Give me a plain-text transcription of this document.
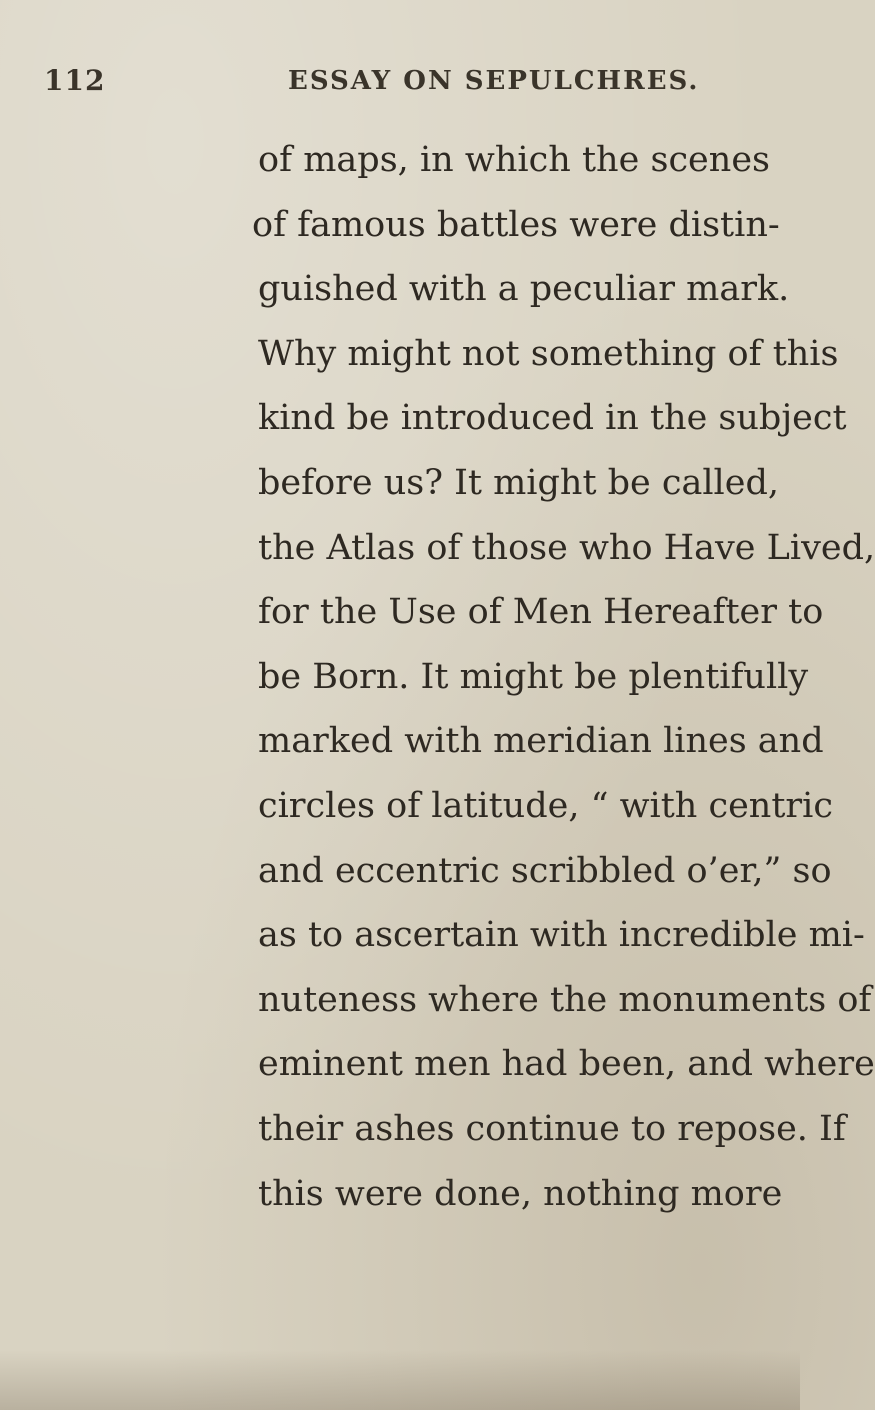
112	ESSAY ON SEPULCHRES.
of maps, in which the scenes
of famous battles were distin-
guished with a peculiar mark.
Why might not something of this
kind be introduced in the subject
before us? It might be called,
the Atlas of those who Have Lived,
for the Use of Men Hereafter to
be Born. It might be plentifully
marked with meridian lines and
circles of latitude, “ with centric
and eccentric scribbled o’er,” so
as to ascertain with incredible mi-
nuteness where the monuments of
eminent men had been, and where
their ashes continue to repose. If
this were done, nothing more
